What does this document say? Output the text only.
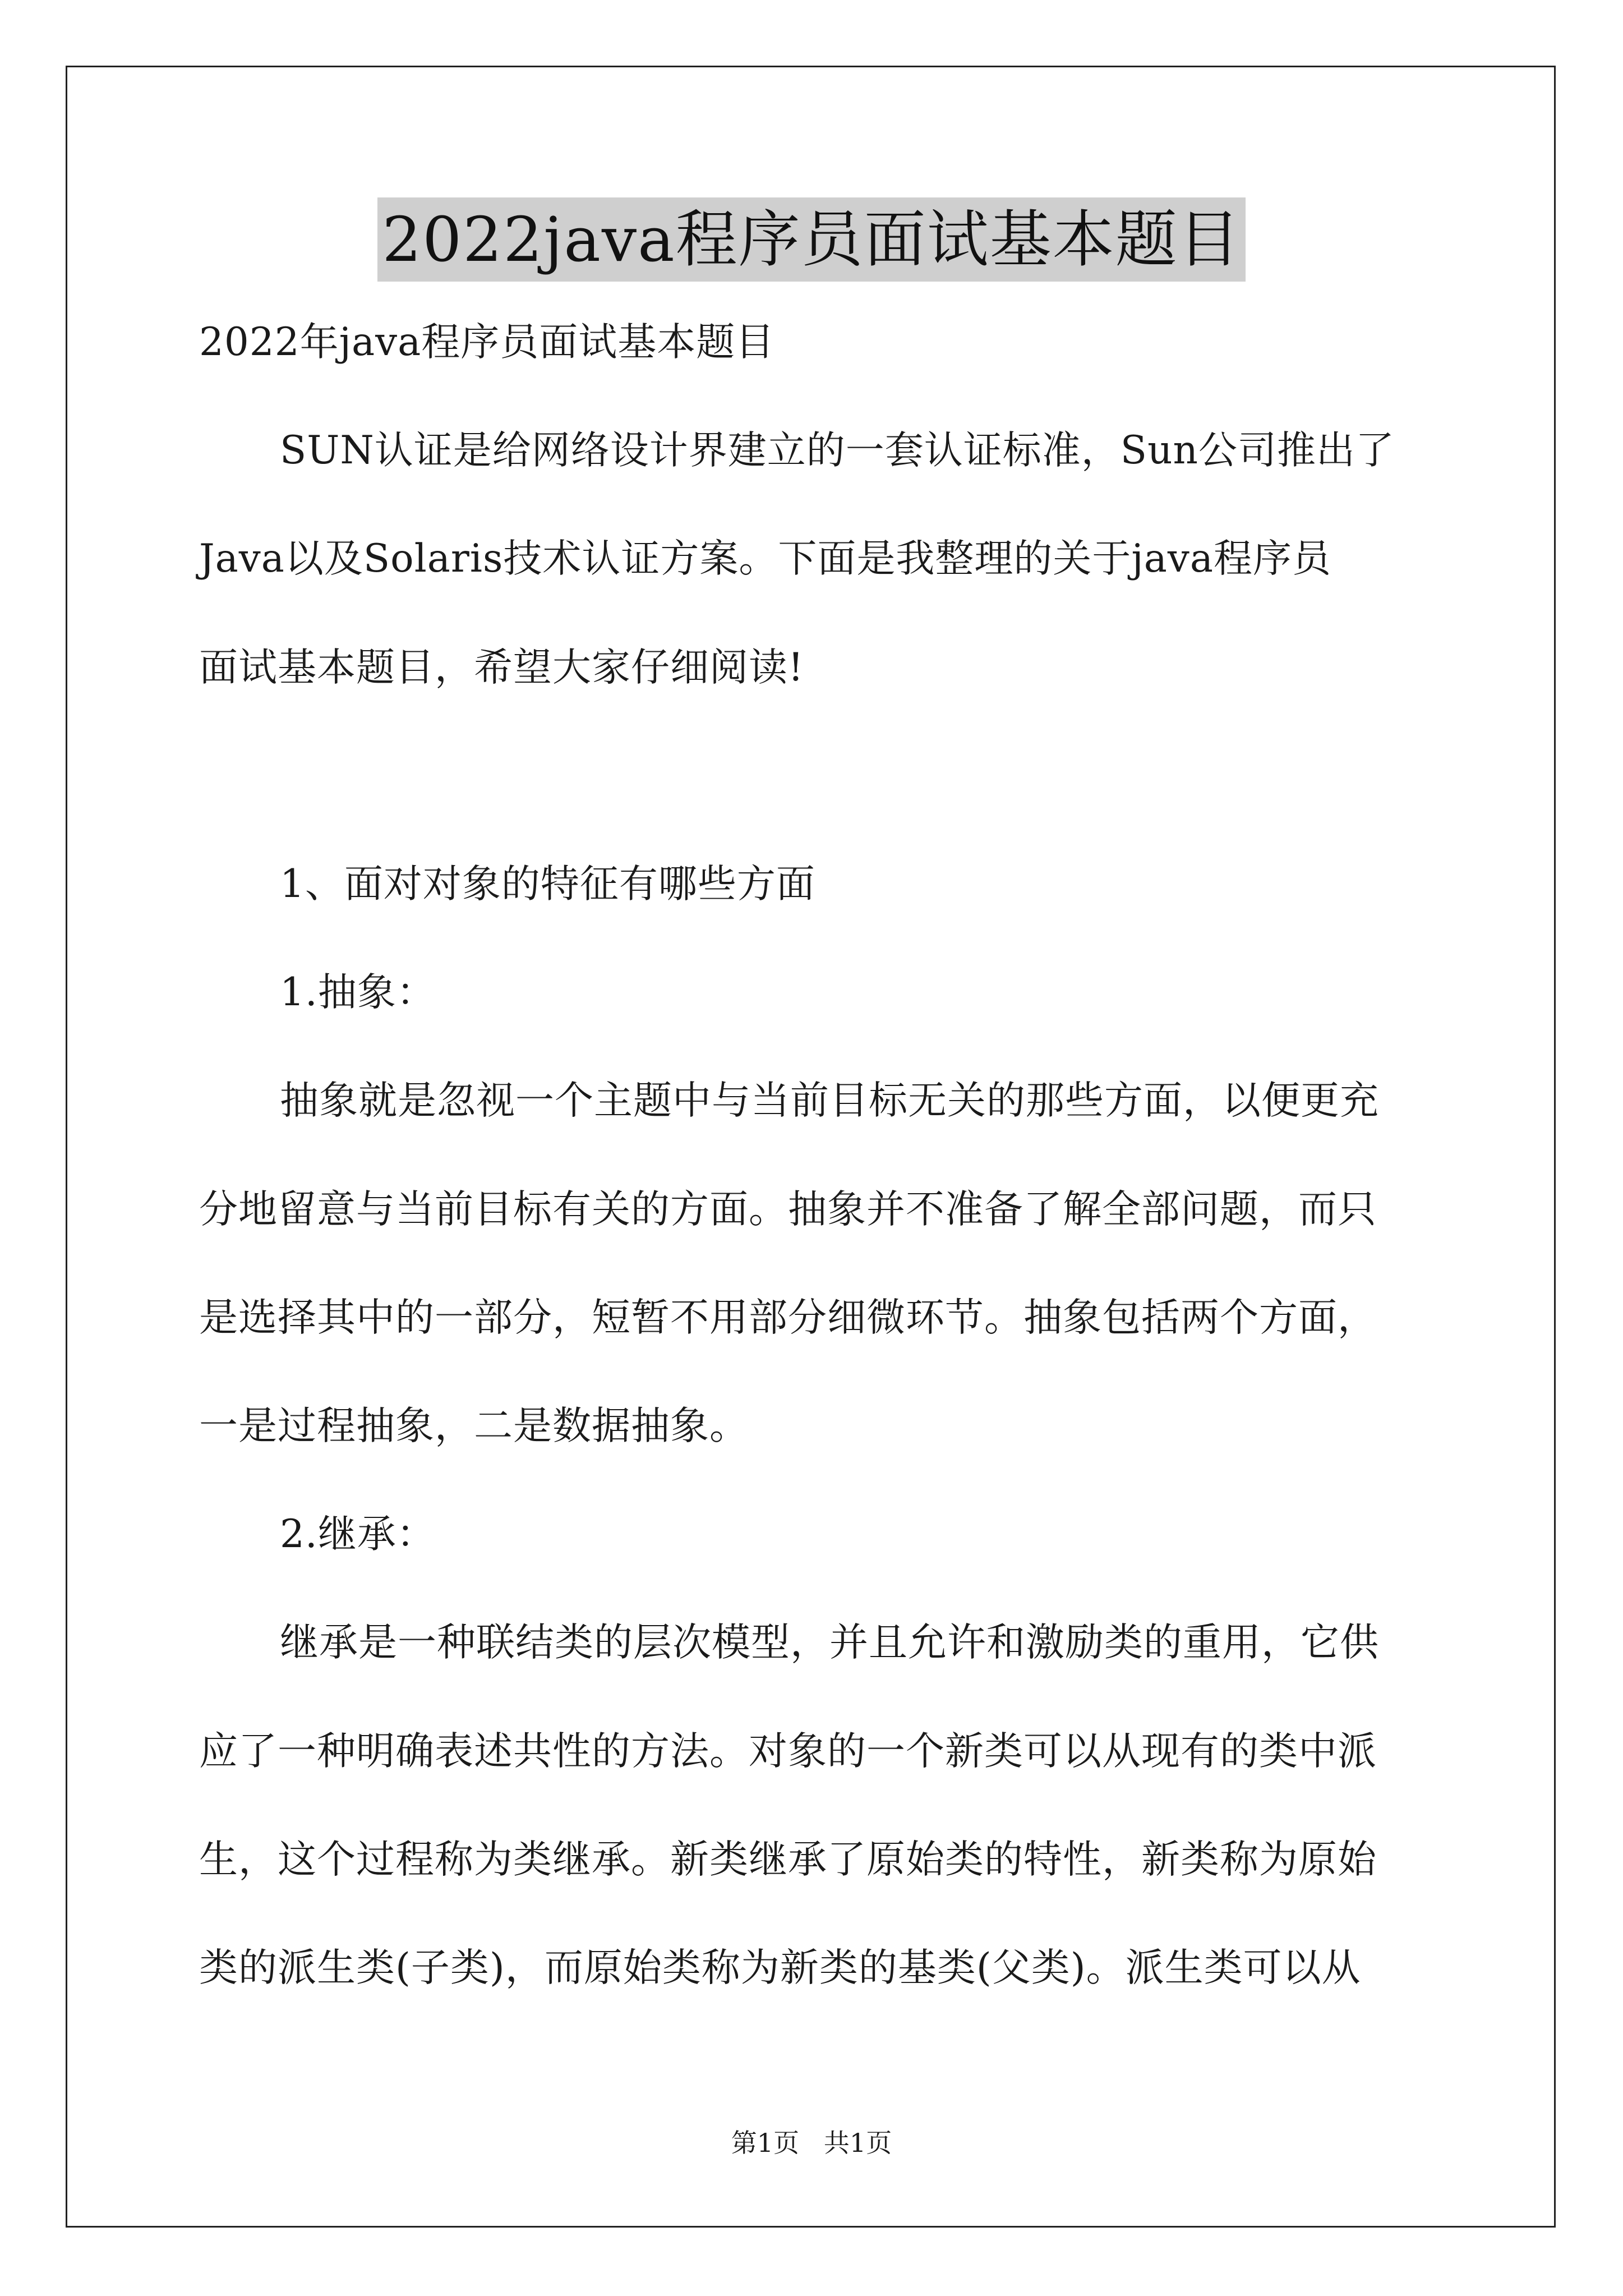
2022java程序员面试基本题目
2022年java程序员面试基本题目
SUN认证是给网络设计界建立的一套认证标准，Sun公司推出了
Java以及Solaris技术认证方案。下面是我整理的关于java程序员
面试基本题目，希望大家仔细阅读!
1、面对对象的特征有哪些方面
1.抽象：
抽象就是忽视一个主题中与当前目标无关的那些方面，以便更充
分地留意与当前目标有关的方面。抽象并不准备了解全部问题，而只
是选择其中的一部分，短暂不用部分细微环节。抽象包括两个方面，
一是过程抽象，二是数据抽象。
2.继承：
继承是一种联结类的层次模型，并且允许和激励类的重用，它供
应了一种明确表述共性的方法。对象的一个新类可以从现有的类中派
生，这个过程称为类继承。新类继承了原始类的特性，新类称为原始
类的派生类(子类)，而原始类称为新类的基类(父类)。派生类可以从
第1页   共1页
